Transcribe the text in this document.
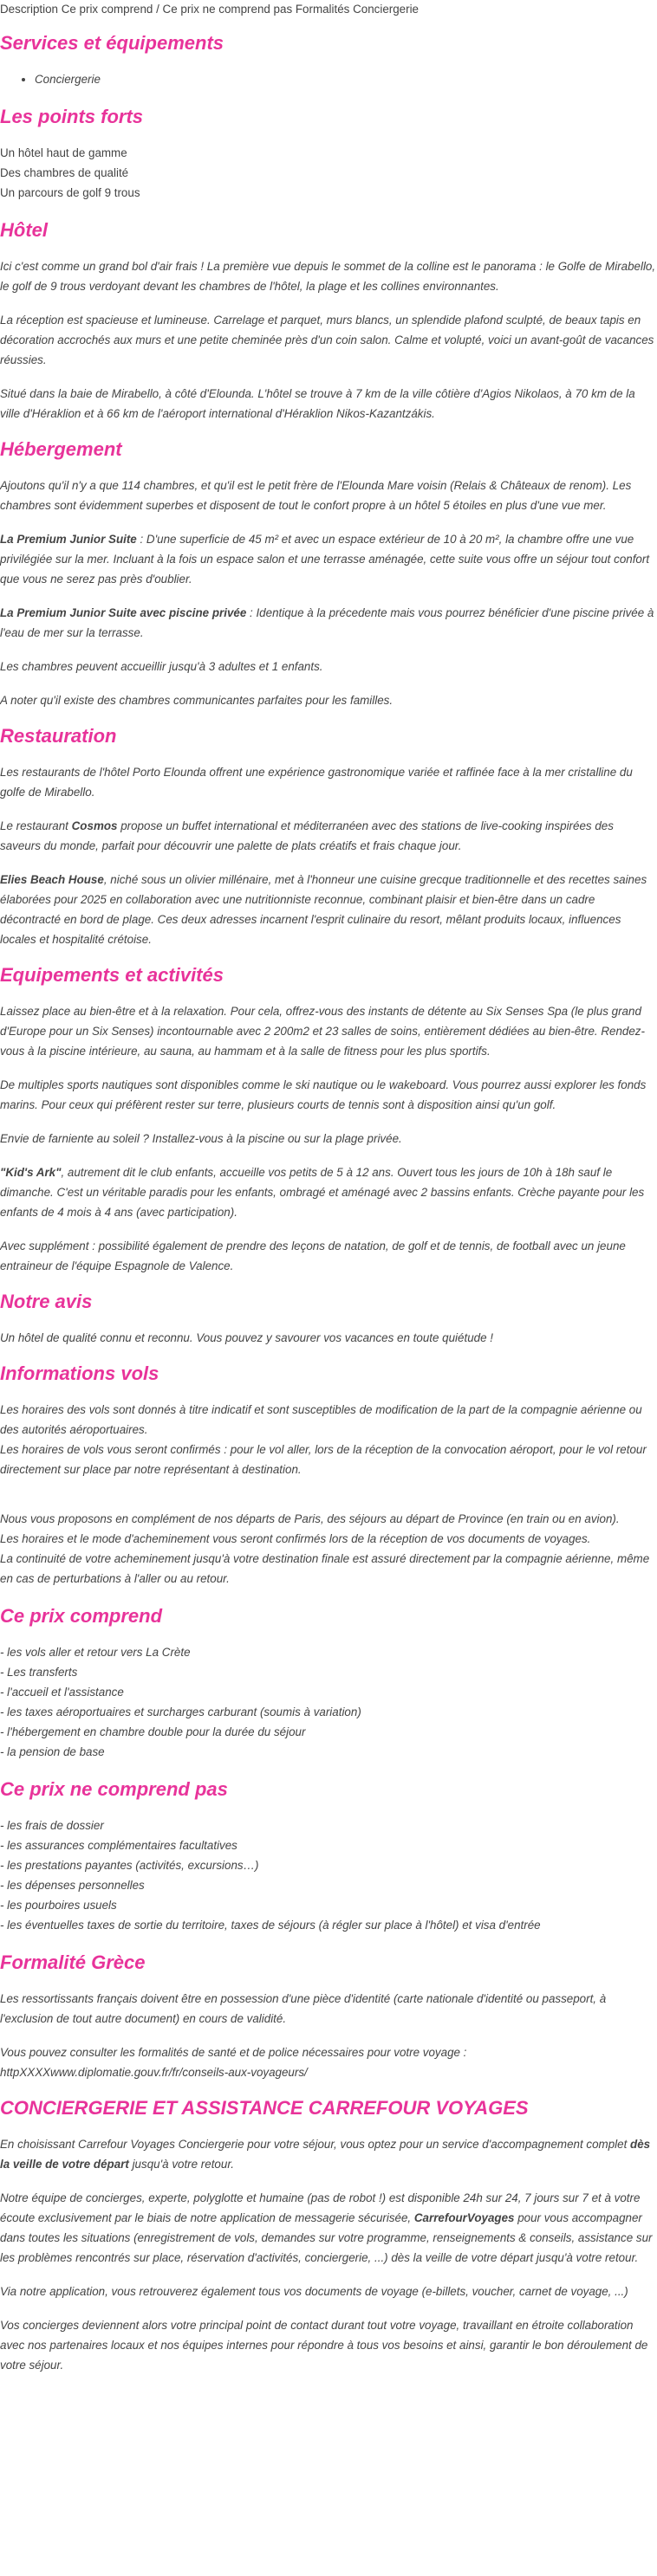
Description Ce prix comprend / Ce prix ne comprend pas Formalités Conciergerie
Services et équipements
• Conciergerie
Les points forts
Un hôtel haut de gamme
Des chambres de qualité
Un parcours de golf 9 trous
Hôtel

Ici c'est comme un grand bol d'air frais ! La première vue depuis le sommet de la colline est le panorama : le Golfe de Mirabello, le golf de 9 trous verdoyant devant les chambres de l'hôtel, la plage et les collines environnantes.

La réception est spacieuse et lumineuse. Carrelage et parquet, murs blancs, un splendide plafond sculpté, de beaux tapis en décoration accrochés aux murs et une petite cheminée près d'un coin salon. Calme et volupté, voici un avant-goût de vacances réussies.

Situé dans la baie de Mirabello, à côté d'Elounda. L'hôtel se trouve à 7 km de la ville côtière d'Agios Nikolaos, à 70 km de la ville d'Héraklion et à 66 km de l'aéroport international d'Héraklion Nikos-Kazantzákis.

Hébergement

Ajoutons qu'il n'y a que 114 chambres, et qu'il est le petit frère de l'Elounda Mare voisin (Relais & Châteaux de renom). Les chambres sont évidemment superbes et disposent de tout le confort propre à un hôtel 5 étoiles en plus d'une vue mer.

La Premium Junior Suite : D'une superficie de 45 m² et avec un espace extérieur de 10 à 20 m², la chambre offre une vue privilégiée sur la mer. Incluant à la fois un espace salon et une terrasse aménagée, cette suite vous offre un séjour tout confort que vous ne serez pas près d'oublier.

La Premium Junior Suite avec piscine privée : Identique à la précedente mais vous pourrez bénéficier d'une piscine privée à l'eau de mer sur la terrasse.

Les chambres peuvent accueillir jusqu'à 3 adultes et 1 enfants.

A noter qu'il existe des chambres communicantes parfaites pour les familles.

Restauration

Les restaurants de l'hôtel Porto Elounda offrent une expérience gastronomique variée et raffinée face à la mer cristalline du golfe de Mirabello.

Le restaurant Cosmos propose un buffet international et méditerranéen avec des stations de live-cooking inspirées des saveurs du monde, parfait pour découvrir une palette de plats créatifs et frais chaque jour.

Elies Beach House, niché sous un olivier millénaire, met à l'honneur une cuisine grecque traditionnelle et des recettes saines élaborées pour 2025 en collaboration avec une nutritionniste reconnue, combinant plaisir et bien-être dans un cadre décontracté en bord de plage. Ces deux adresses incarnent l'esprit culinaire du resort, mêlant produits locaux, influences locales et hospitalité crétoise.

Equipements et activités

Laissez place au bien-être et à la relaxation. Pour cela, offrez-vous des instants de détente au Six Senses Spa (le plus grand d'Europe pour un Six Senses) incontournable avec 2 200m2 et 23 salles de soins, entièrement dédiées au bien-être. Rendez-vous à la piscine intérieure, au sauna, au hammam et à la salle de fitness pour les plus sportifs.

De multiples sports nautiques sont disponibles comme le ski nautique ou le wakeboard. Vous pourrez aussi explorer les fonds marins. Pour ceux qui préfèrent rester sur terre, plusieurs courts de tennis sont à disposition ainsi qu'un golf.

Envie de farniente au soleil ? Installez-vous à la piscine ou sur la plage privée.

"Kid's Ark", autrement dit le club enfants, accueille vos petits de 5 à 12 ans. Ouvert tous les jours de 10h à 18h sauf le dimanche. C'est un véritable paradis pour les enfants, ombragé et aménagé avec 2 bassins enfants. Crèche payante pour les enfants de 4 mois à 4 ans (avec participation).

Avec supplément : possibilité également de prendre des leçons de natation, de golf et de tennis, de football avec un jeune entraineur de l'équipe Espagnole de Valence.

Notre avis

Un hôtel de qualité connu et reconnu. Vous pouvez y savourer vos vacances en toute quiétude !

Informations vols
Les horaires des vols sont donnés à titre indicatif et sont susceptibles de modification de la part de la compagnie aérienne ou des autorités aéroportuaires.
Les horaires de vols vous seront confirmés : pour le vol aller, lors de la réception de la convocation aéroport, pour le vol retour directement sur place par notre représentant à destination.
Nous vous proposons en complément de nos départs de Paris, des séjours au départ de Province (en train ou en avion).
Les horaires et le mode d'acheminement vous seront confirmés lors de la réception de vos documents de voyages.
La continuité de votre acheminement jusqu'à votre destination finale est assuré directement par la compagnie aérienne, même en cas de perturbations à l'aller ou au retour.
Ce prix comprend
- les vols aller et retour vers La Crète
- Les transferts
- l'accueil et l'assistance
- les taxes aéroportuaires et surcharges carburant (soumis à variation)
- l'hébergement en chambre double pour la durée du séjour
- la pension de base
Ce prix ne comprend pas
- les frais de dossier
- les assurances complémentaires facultatives
- les prestations payantes (activités, excursions…)
- les dépenses personnelles
- les pourboires usuels
- les éventuelles taxes de sortie du territoire, taxes de séjours (à régler sur place à l'hôtel) et visa d'entrée
Formalité Grèce

Les ressortissants français doivent être en possession d'une pièce d'identité (carte nationale d'identité ou passeport, à l'exclusion de tout autre document) en cours de validité.

Vous pouvez consulter les formalités de santé et de police nécessaires pour votre voyage :
httpXXXXwww.diplomatie.gouv.fr/fr/conseils-aux-voyageurs/

CONCIERGERIE ET ASSISTANCE CARREFOUR VOYAGES

En choisissant Carrefour Voyages Conciergerie pour votre séjour, vous optez pour un service d'accompagnement complet dès la veille de votre départ jusqu'à votre retour.

Notre équipe de concierges, experte, polyglotte et humaine (pas de robot !) est disponible 24h sur 24, 7 jours sur 7 et à votre écoute exclusivement par le biais de notre application de messagerie sécurisée, CarrefourVoyages pour vous accompagner dans toutes les situations (enregistrement de vols, demandes sur votre programme, renseignements & conseils, assistance sur les problèmes rencontrés sur place, réservation d'activités, conciergerie, ...) dès la veille de votre départ jusqu'à votre retour.

Via notre application, vous retrouverez également tous vos documents de voyage (e-billets, voucher, carnet de voyage, ...)

Vos concierges deviennent alors votre principal point de contact durant tout votre voyage, travaillant en étroite collaboration avec nos partenaires locaux et nos équipes internes pour répondre à tous vos besoins et ainsi, garantir le bon déroulement de votre séjour.
